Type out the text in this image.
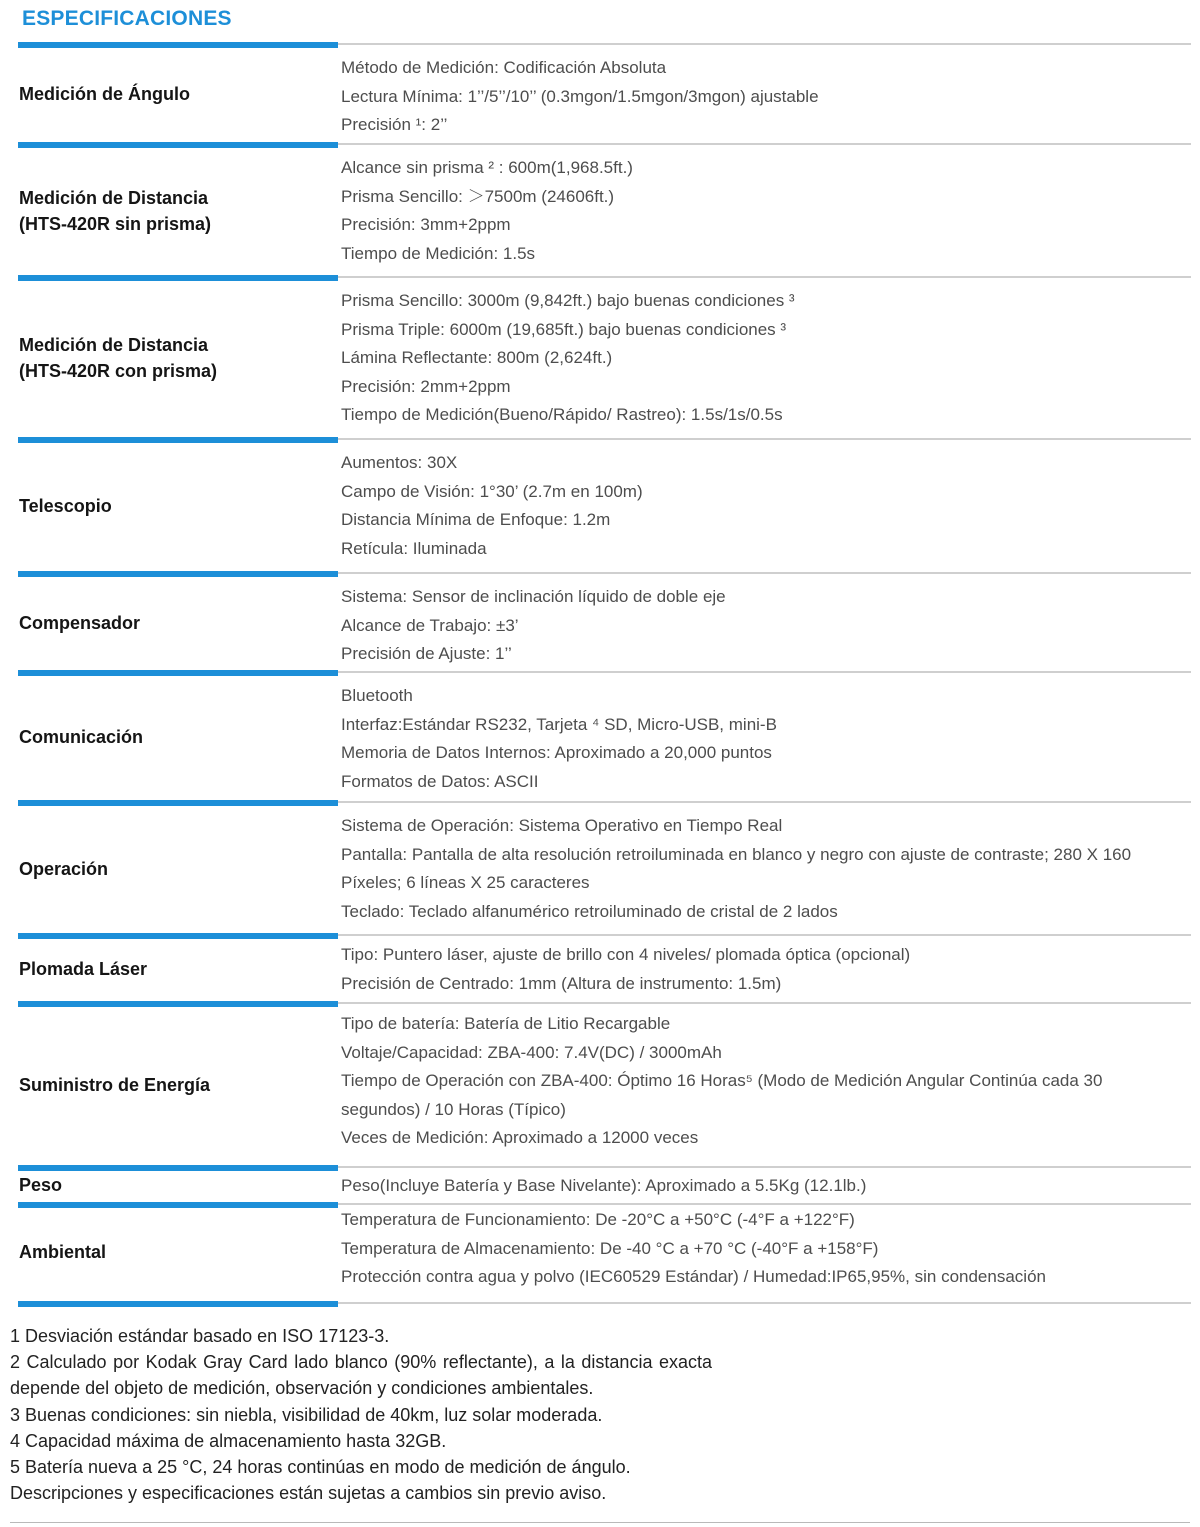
ESPECIFICACIONES
Medición de Ángulo
Método de Medición: Codificación Absoluta
Lectura Mínima: 1’’/5’’/10’’ (0.3mgon/1.5mgon/3mgon) ajustable
Precisión ¹: 2’’
Medición de Distancia
(HTS-420R sin prisma)
Alcance sin prisma ² : 600m(1,968.5ft.)
Prisma Sencillo: ＞7500m (24606ft.)
Precisión: 3mm+2ppm
Tiempo de Medición: 1.5s
Medición de Distancia
(HTS-420R con prisma)
Prisma Sencillo: 3000m (9,842ft.) bajo buenas condiciones ³
Prisma Triple: 6000m (19,685ft.) bajo buenas condiciones ³
Lámina Reflectante: 800m (2,624ft.)
Precisión: 2mm+2ppm
Tiempo de Medición(Bueno/Rápido/ Rastreo): 1.5s/1s/0.5s
Telescopio
Aumentos: 30X
Campo de Visión: 1°30’ (2.7m en 100m)
Distancia Mínima de Enfoque: 1.2m
Retícula: Iluminada
Compensador
Sistema: Sensor de inclinación líquido de doble eje
Alcance de Trabajo: ±3’
Precisión de Ajuste: 1’’
Comunicación
Bluetooth
Interfaz:Estándar RS232, Tarjeta ⁴ SD, Micro-USB, mini-B
Memoria de Datos Internos: Aproximado a 20,000 puntos
Formatos de Datos: ASCII
Operación
Sistema de Operación: Sistema Operativo en Tiempo Real
Pantalla: Pantalla de alta resolución retroiluminada en blanco y negro con ajuste de contraste; 280 X 160
Píxeles; 6 líneas X 25 caracteres
Teclado: Teclado alfanumérico retroiluminado de cristal de 2 lados
Plomada Láser
Tipo: Puntero láser, ajuste de brillo con 4 niveles/ plomada óptica (opcional)
Precisión de Centrado: 1mm (Altura de instrumento: 1.5m)
Suministro de Energía
Tipo de batería: Batería de Litio Recargable
Voltaje/Capacidad: ZBA-400: 7.4V(DC) / 3000mAh
Tiempo de Operación con ZBA-400: Óptimo 16 Horas⁵ (Modo de Medición Angular Continúa cada 30
segundos) / 10 Horas (Típico)
Veces de Medición: Aproximado a 12000 veces
Peso	Peso(Incluye Batería y Base Nivelante): Aproximado a 5.5Kg (12.1lb.)
Ambiental
Temperatura de Funcionamiento: De -20°C a +50°C (-4°F a +122°F)
Temperatura de Almacenamiento: De -40 °C a +70 °C (-40°F a +158°F)
Protección contra agua y polvo (IEC60529 Estándar) / Humedad:IP65,95%, sin condensación

1 Desviación estándar basado en ISO 17123-3.

2 Calculado por Kodak Gray Card lado blanco (90% reflectante), a la distancia exacta depende del objeto de medición, observación y condiciones ambientales.

3 Buenas condiciones: sin niebla, visibilidad de 40km, luz solar moderada.

4 Capacidad máxima de almacenamiento hasta 32GB.

5 Batería nueva a 25 °C, 24 horas continúas en modo de medición de ángulo.

Descripciones y especificaciones están sujetas a cambios sin previo aviso.
